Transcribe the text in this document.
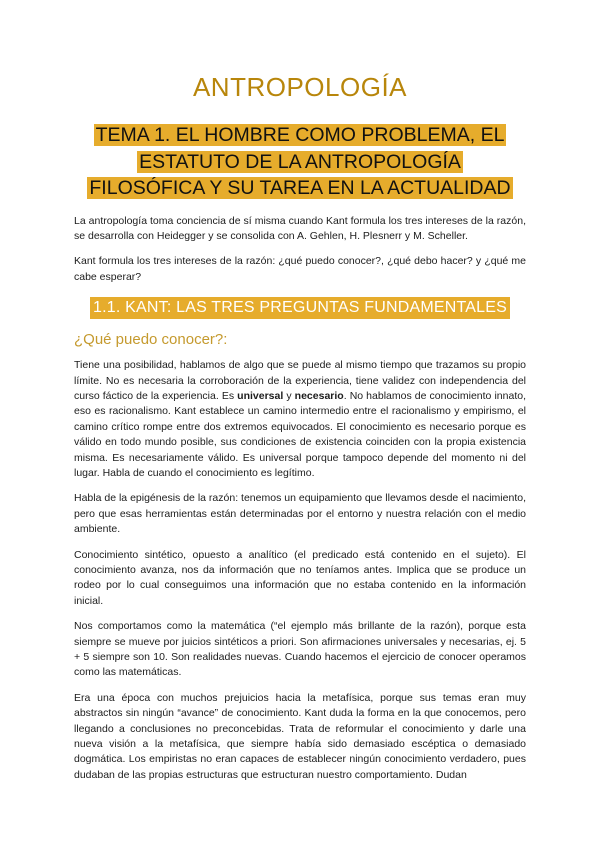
ANTROPOLOGÍA
TEMA 1. EL HOMBRE COMO PROBLEMA, EL ESTATUTO DE LA ANTROPOLOGÍA FILOSÓFICA Y SU TAREA EN LA ACTUALIDAD

La antropología toma conciencia de sí misma cuando Kant formula los tres intereses de la razón, se desarrolla con Heidegger y se consolida con A. Gehlen, H. Plesnerr y M. Scheller.

Kant formula los tres intereses de la razón: ¿qué puedo conocer?, ¿qué debo hacer? y ¿qué me cabe esperar?

1.1. KANT: LAS TRES PREGUNTAS FUNDAMENTALES
¿Qué puedo conocer?:

Tiene una posibilidad, hablamos de algo que se puede al mismo tiempo que trazamos su propio límite. No es necesaria la corroboración de la experiencia, tiene validez con independencia del curso fáctico de la experiencia. Es universal y necesario. No hablamos de conocimiento innato, eso es racionalismo. Kant establece un camino intermedio entre el racionalismo y empirismo, el camino crítico rompe entre dos extremos equivocados. El conocimiento es necesario porque es válido en todo mundo posible, sus condiciones de existencia coinciden con la propia existencia misma. Es necesariamente válido. Es universal porque tampoco depende del momento ni del lugar. Habla de cuando el conocimiento es legítimo.

Habla de la epigénesis de la razón: tenemos un equipamiento que llevamos desde el nacimiento, pero que esas herramientas están determinadas por el entorno y nuestra relación con el medio ambiente.

Conocimiento sintético, opuesto a analítico (el predicado está contenido en el sujeto). El conocimiento avanza, nos da información que no teníamos antes. Implica que se produce un rodeo por lo cual conseguimos una información que no estaba contenido en la información inicial.

Nos comportamos como la matemática (“el ejemplo más brillante de la razón), porque esta siempre se mueve por juicios sintéticos a priori. Son afirmaciones universales y necesarias, ej. 5 + 5 siempre son 10. Son realidades nuevas. Cuando hacemos el ejercicio de conocer operamos como las matemáticas.

Era una época con muchos prejuicios hacia la metafísica, porque sus temas eran muy abstractos sin ningún “avance” de conocimiento. Kant duda la forma en la que conocemos, pero llegando a conclusiones no preconcebidas. Trata de reformular el conocimiento y darle una nueva visión a la metafísica, que siempre había sido demasiado escéptica o demasiado dogmática. Los empiristas no eran capaces de establecer ningún conocimiento verdadero, pues dudaban de las propias estructuras que estructuran nuestro comportamiento. Dudan
